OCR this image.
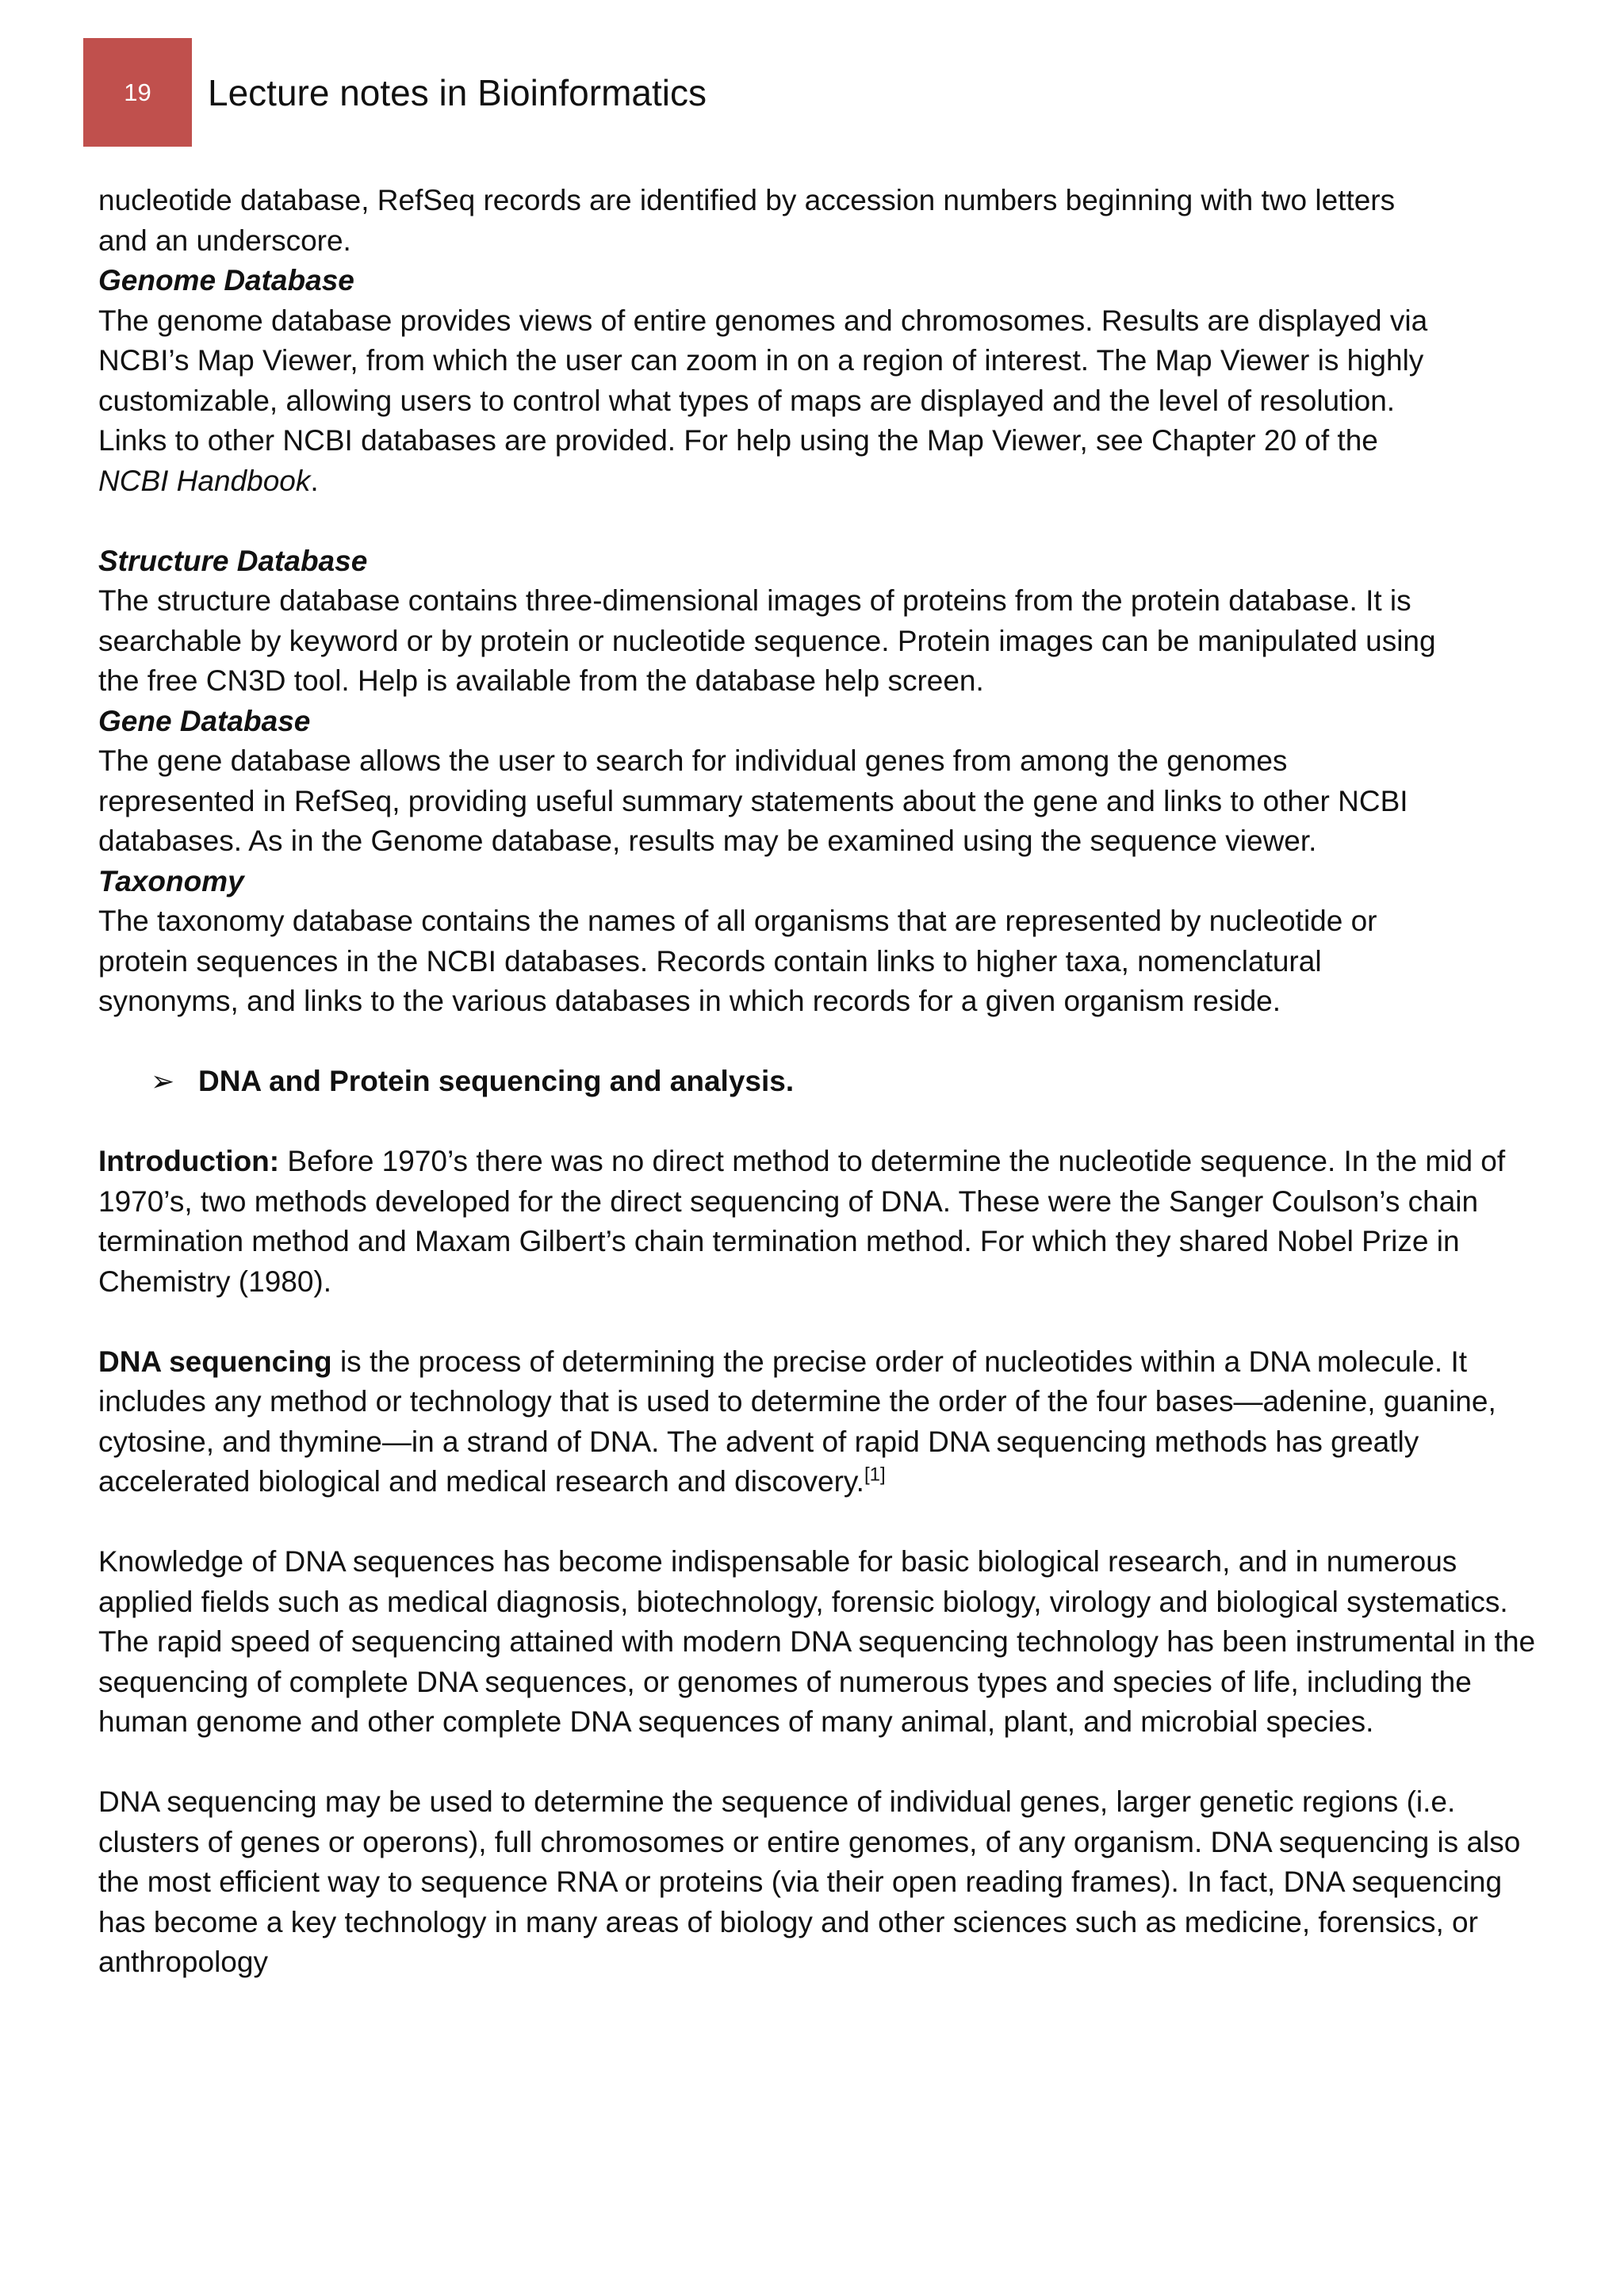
19 Lecture notes in Bioinformatics

nucleotide database, RefSeq records are identified by accession numbers beginning with two letters and an underscore.

Genome Database

The genome database provides views of entire genomes and chromosomes. Results are displayed via NCBI’s Map Viewer, from which the user can zoom in on a region of interest. The Map Viewer is highly customizable, allowing users to control what types of maps are displayed and the level of resolution. Links to other NCBI databases are provided. For help using the Map Viewer, see Chapter 20 of the NCBI Handbook.

Structure Database

The structure database contains three-dimensional images of proteins from the protein database. It is searchable by keyword or by protein or nucleotide sequence. Protein images can be manipulated using the free CN3D tool. Help is available from the database help screen.

Gene Database

The gene database allows the user to search for individual genes from among the genomes represented in RefSeq, providing useful summary statements about the gene and links to other NCBI databases. As in the Genome database, results may be examined using the sequence viewer.

Taxonomy

The taxonomy database contains the names of all organisms that are represented by nucleotide or protein sequences in the NCBI databases. Records contain links to higher taxa, nomenclatural synonyms, and links to the various databases in which records for a given organism reside.

➢ DNA and Protein sequencing and analysis.

Introduction: Before 1970’s there was no direct method to determine the nucleotide sequence. In the mid of 1970’s, two methods developed for the direct sequencing of DNA. These were the Sanger Coulson’s chain termination method and Maxam Gilbert’s chain termination method. For which they shared Nobel Prize in Chemistry (1980).

DNA sequencing is the process of determining the precise order of nucleotides within a DNA molecule. It includes any method or technology that is used to determine the order of the four bases—adenine, guanine, cytosine, and thymine—in a strand of DNA. The advent of rapid DNA sequencing methods has greatly accelerated biological and medical research and discovery.[1]

Knowledge of DNA sequences has become indispensable for basic biological research, and in numerous applied fields such as medical diagnosis, biotechnology, forensic biology, virology and biological systematics. The rapid speed of sequencing attained with modern DNA sequencing technology has been instrumental in the sequencing of complete DNA sequences, or genomes of numerous types and species of life, including the human genome and other complete DNA sequences of many animal, plant, and microbial species.

DNA sequencing may be used to determine the sequence of individual genes, larger genetic regions (i.e. clusters of genes or operons), full chromosomes or entire genomes, of any organism. DNA sequencing is also the most efficient way to sequence RNA or proteins (via their open reading frames). In fact, DNA sequencing has become a key technology in many areas of biology and other sciences such as medicine, forensics, or anthropology
